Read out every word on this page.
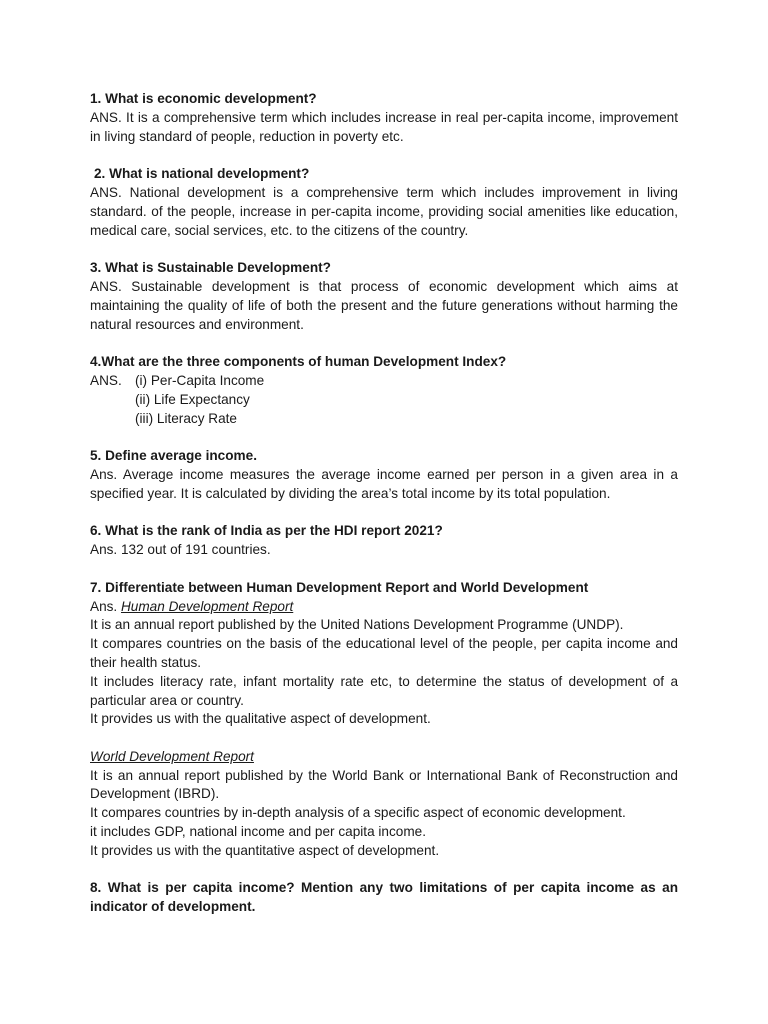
1. What is economic development?

ANS. It is a comprehensive term which includes increase in real per-capita income, improvement in living standard of people, reduction in poverty etc.

2. What is national development?

ANS. National development is a comprehensive term which includes improvement in living standard. of the people, increase in per-capita income, providing social amenities like education, medical care, social services, etc. to the citizens of the country.

3. What is Sustainable Development?

ANS. Sustainable development is that process of economic development which aims at maintaining the quality of life of both the present and the future generations without harming the natural resources and environment.

4.What are the three components of human Development Index?

ANS. (i) Per-Capita Income
(ii) Life Expectancy
(iii) Literacy Rate

5. Define average income.

Ans. Average income measures the average income earned per person in a given area in a specified year. It is calculated by dividing the area’s total income by its total population.

6. What is the rank of India as per the HDI report 2021?

Ans. 132 out of 191 countries.

7. Differentiate between Human Development Report and World Development

Ans. Human Development Report

It is an annual report published by the United Nations Development Programme (UNDP).

It compares countries on the basis of the educational level of the people, per capita income and their health status.

It includes literacy rate, infant mortality rate etc, to determine the status of development of a particular area or country.

It provides us with the qualitative aspect of development.

World Development Report

It is an annual report published by the World Bank or International Bank of Reconstruction and Development (IBRD).

It compares countries by in-depth analysis of a specific aspect of economic development.

it includes GDP, national income and per capita income.

It provides us with the quantitative aspect of development.

8. What is per capita income? Mention any two limitations of per capita income as an indicator of development.
